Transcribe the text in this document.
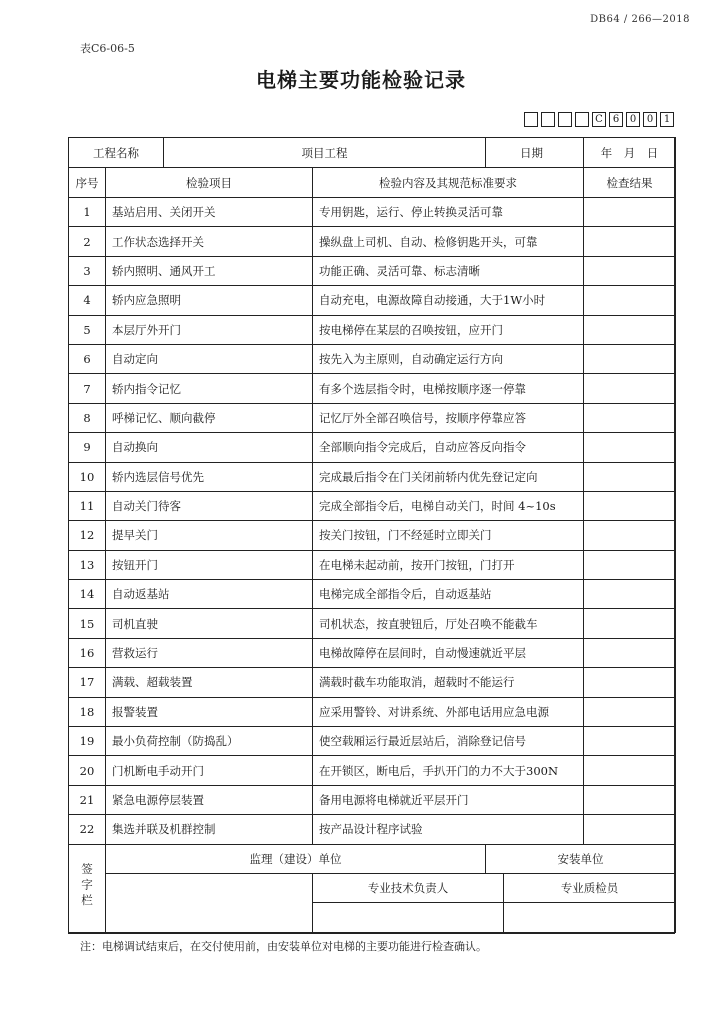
DB64 / 266—2018
表C6-06-5
电梯主要功能检验记录
C 6	0	0	1
工程名称		项目工程		日期		年　月　日	
序号	检验项目		检验内容及其规范标准要求			检查结果	
1	基站启用、关闭开关		专用钥匙，运行、停止转换灵活可靠				
2	工作状态选择开关		操纵盘上司机、自动、检修钥匙开头，可靠				
3	轿内照明、通风开工		功能正确、灵活可靠、标志清晰				
4	轿内应急照明		自动充电，电源故障自动接通，大于1W小时				
5	本层厅外开门		按电梯停在某层的召唤按钮，应开门				
6	自动定向		按先入为主原则，自动确定运行方向				
7	轿内指令记忆		有多个选层指令时，电梯按顺序逐一停靠				
8	呼梯记忆、顺向截停		记忆厅外全部召唤信号，按顺序停靠应答				
9	自动换向		全部顺向指令完成后，自动应答反向指令				
10	轿内选层信号优先		完成最后指令在门关闭前轿内优先登记定向				
11	自动关门待客		完成全部指令后，电梯自动关门，时间 4~10s				
12	提早关门		按关门按钮，门不经延时立即关门				
13	按钮开门		在电梯未起动前，按开门按钮，门打开				
14	自动返基站		电梯完成全部指令后，自动返基站				
15	司机直驶		司机状态，按直驶钮后，厅处召唤不能截车				
16	营救运行		电梯故障停在层间时，自动慢速就近平层				
17	满载、超载装置		满载时截车功能取消，超载时不能运行				
18	报警装置		应采用警铃、对讲系统、外部电话用应急电源				
19	最小负荷控制（防捣乱）		使空载厢运行最近层站后，消除登记信号				
20	门机断电手动开门		在开锁区，断电后，手扒开门的力不大于300N				
21	紧急电源停层装置		备用电源将电梯就近平层开门				
22	集选并联及机群控制		按产品设计程序试验				
签字栏	监理（建设）单位			安装单位			
			专业技术负责人		专业质检员	

注：电梯调试结束后，在交付使用前，由安装单位对电梯的主要功能进行检查确认。
